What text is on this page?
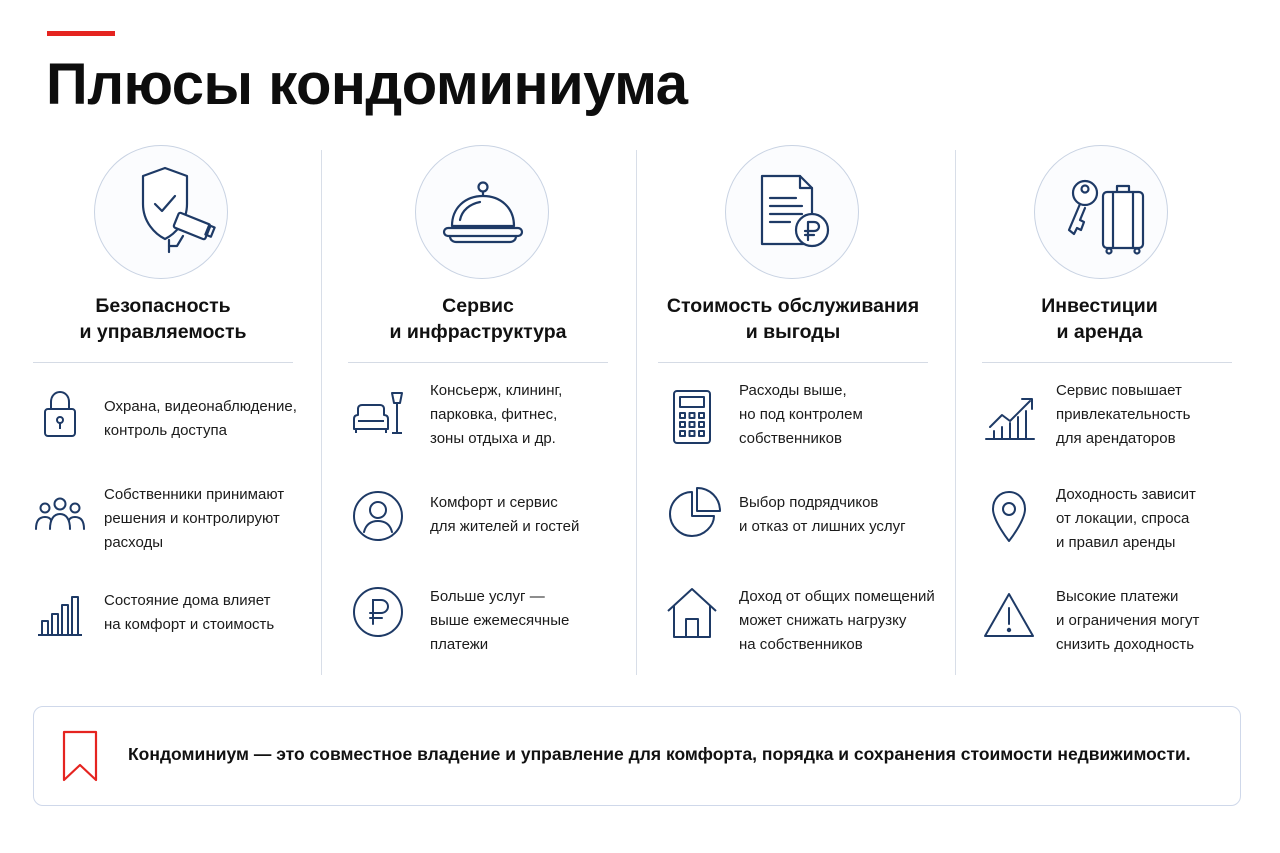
Плюсы кондоминиума
Безопасность
и управляемость
Охрана, видеонаблюдение,
контроль доступа
Собственники принимают
решения и контролируют
расходы
Состояние дома влияет
на комфорт и стоимость
Сервис
и инфраструктура
Консьерж, клининг,
парковка, фитнес,
зоны отдыха и др.
Комфорт и сервис
для жителей и гостей
Больше услуг —
выше ежемесячные
платежи
Стоимость обслуживания
и выгоды
Расходы выше,
но под контролем
собственников
Выбор подрядчиков
и отказ от лишних услуг
Доход от общих помещений
может снижать нагрузку
на собственников
Инвестиции
и аренда
Сервис повышает
привлекательность
для арендаторов
Доходность зависит
от локации, спроса
и правил аренды
Высокие платежи
и ограничения могут
снизить доходность
Кондоминиум — это совместное владение и управление для комфорта, порядка и сохранения стоимости недвижимости.
